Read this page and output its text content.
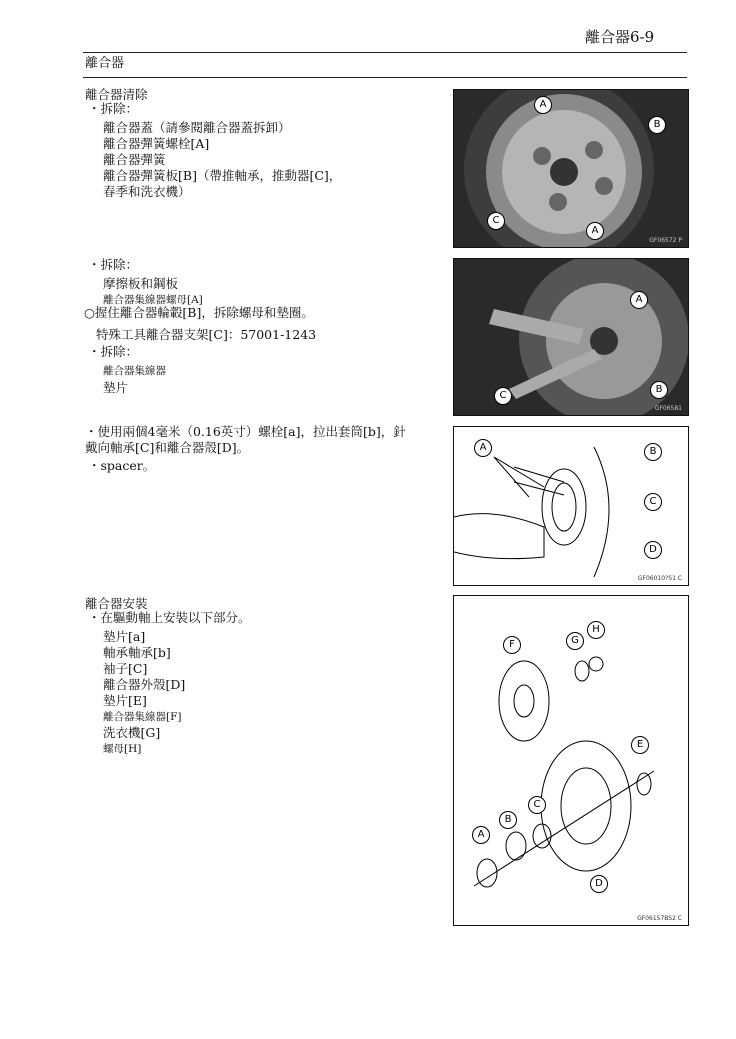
離合器6-9
離合器
離合器清除
・拆除：
離合器蓋（請參閱離合器蓋拆卸）
離合器彈簧螺栓[A]
離合器彈簧
離合器彈簧板[B]（帶推軸承，推動器[C]，
春季和洗衣機）
・拆除：
摩擦板和鋼板
離合器集線器螺母[A]
○握住離合器輪轂[B]，拆除螺母和墊圈。
特殊工具離合器支架[C]：57001-1243
・拆除：
離合器集線器
墊片
・使用兩個4毫米（0.16英寸）螺栓[a]，拉出套筒[b]，針
戴向軸承[C]和離合器殼[D]。
・spacer。
離合器安裝
・在驅動軸上安裝以下部分。
墊片[a]
軸承軸承[b]
袖子[C]
離合器外殼[D]
墊片[E]
離合器集線器[F]
洗衣機[G]
螺母[H]
A
B
C
A
GF06572 P
A
B
C
GF06581
A	B
C
D
GF06010?S1 C
F	G
H
E
A
B
C
D
GF06157BS2 C
